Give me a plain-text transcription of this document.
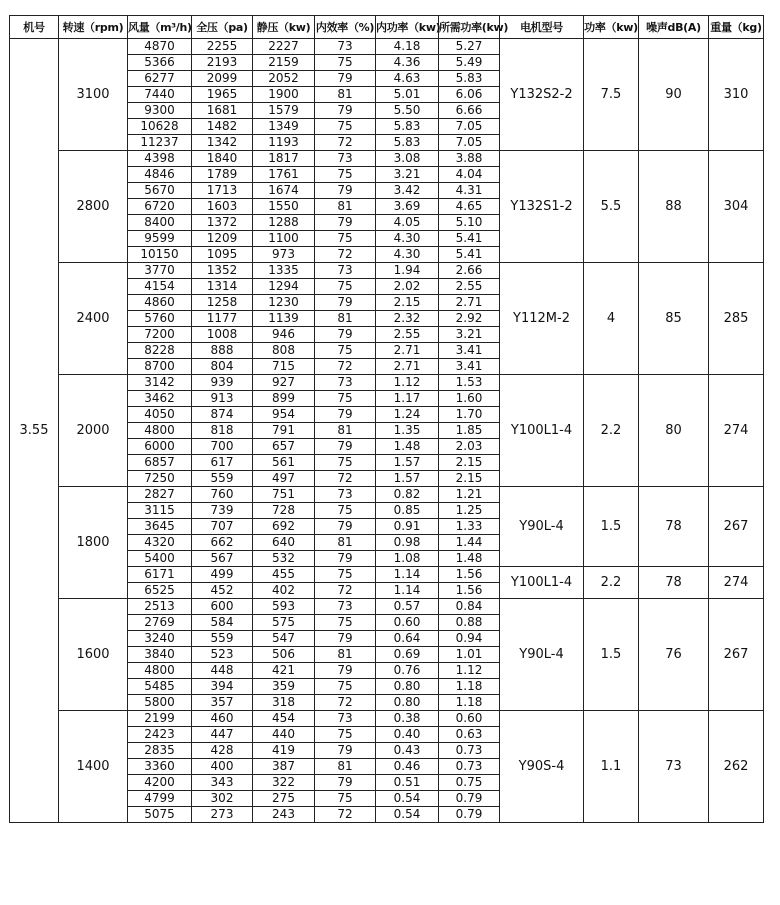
机号	转速（rpm)	风量（m³/h)	全压（pa)	静压（kw)	内效率（%)	内功率（kw)	所需功率(kw)	电机型号	功率（kw)	噪声dB(A)	重量（kg)
3.55	3100	4870	2255	2227	73	4.18	5.27	Y132S2-2	7.5	90	310
		5366	2193	2159	75	4.36	5.49				
		6277	2099	2052	79	4.63	5.83				
		7440	1965	1900	81	5.01	6.06				
		9300	1681	1579	79	5.50	6.66				
		10628	1482	1349	75	5.83	7.05				
		11237	1342	1193	72	5.83	7.05				
	2800	4398	1840	1817	73	3.08	3.88	Y132S1-2	5.5	88	304
		4846	1789	1761	75	3.21	4.04				
		5670	1713	1674	79	3.42	4.31				
		6720	1603	1550	81	3.69	4.65				
		8400	1372	1288	79	4.05	5.10				
		9599	1209	1100	75	4.30	5.41				
		10150	1095	973	72	4.30	5.41				
	2400	3770	1352	1335	73	1.94	2.66	Y112M-2	4	85	285
		4154	1314	1294	75	2.02	2.55				
		4860	1258	1230	79	2.15	2.71				
		5760	1177	1139	81	2.32	2.92				
		7200	1008	946	79	2.55	3.21				
		8228	888	808	75	2.71	3.41				
		8700	804	715	72	2.71	3.41				
	2000	3142	939	927	73	1.12	1.53	Y100L1-4	2.2	80	274
		3462	913	899	75	1.17	1.60				
		4050	874	954	79	1.24	1.70				
		4800	818	791	81	1.35	1.85				
		6000	700	657	79	1.48	2.03				
		6857	617	561	75	1.57	2.15				
		7250	559	497	72	1.57	2.15				
	1800	2827	760	751	73	0.82	1.21	Y90L-4	1.5	78	267
		3115	739	728	75	0.85	1.25				
		3645	707	692	79	0.91	1.33				
		4320	662	640	81	0.98	1.44				
		5400	567	532	79	1.08	1.48				
		6171	499	455	75	1.14	1.56	Y100L1-4	2.2	78	274
		6525	452	402	72	1.14	1.56				
	1600	2513	600	593	73	0.57	0.84	Y90L-4	1.5	76	267
		2769	584	575	75	0.60	0.88				
		3240	559	547	79	0.64	0.94				
		3840	523	506	81	0.69	1.01				
		4800	448	421	79	0.76	1.12				
		5485	394	359	75	0.80	1.18				
		5800	357	318	72	0.80	1.18				
	1400	2199	460	454	73	0.38	0.60	Y90S-4	1.1	73	262
		2423	447	440	75	0.40	0.63				
		2835	428	419	79	0.43	0.73				
		3360	400	387	81	0.46	0.73				
		4200	343	322	79	0.51	0.75				
		4799	302	275	75	0.54	0.79				
		5075	273	243	72	0.54	0.79				
